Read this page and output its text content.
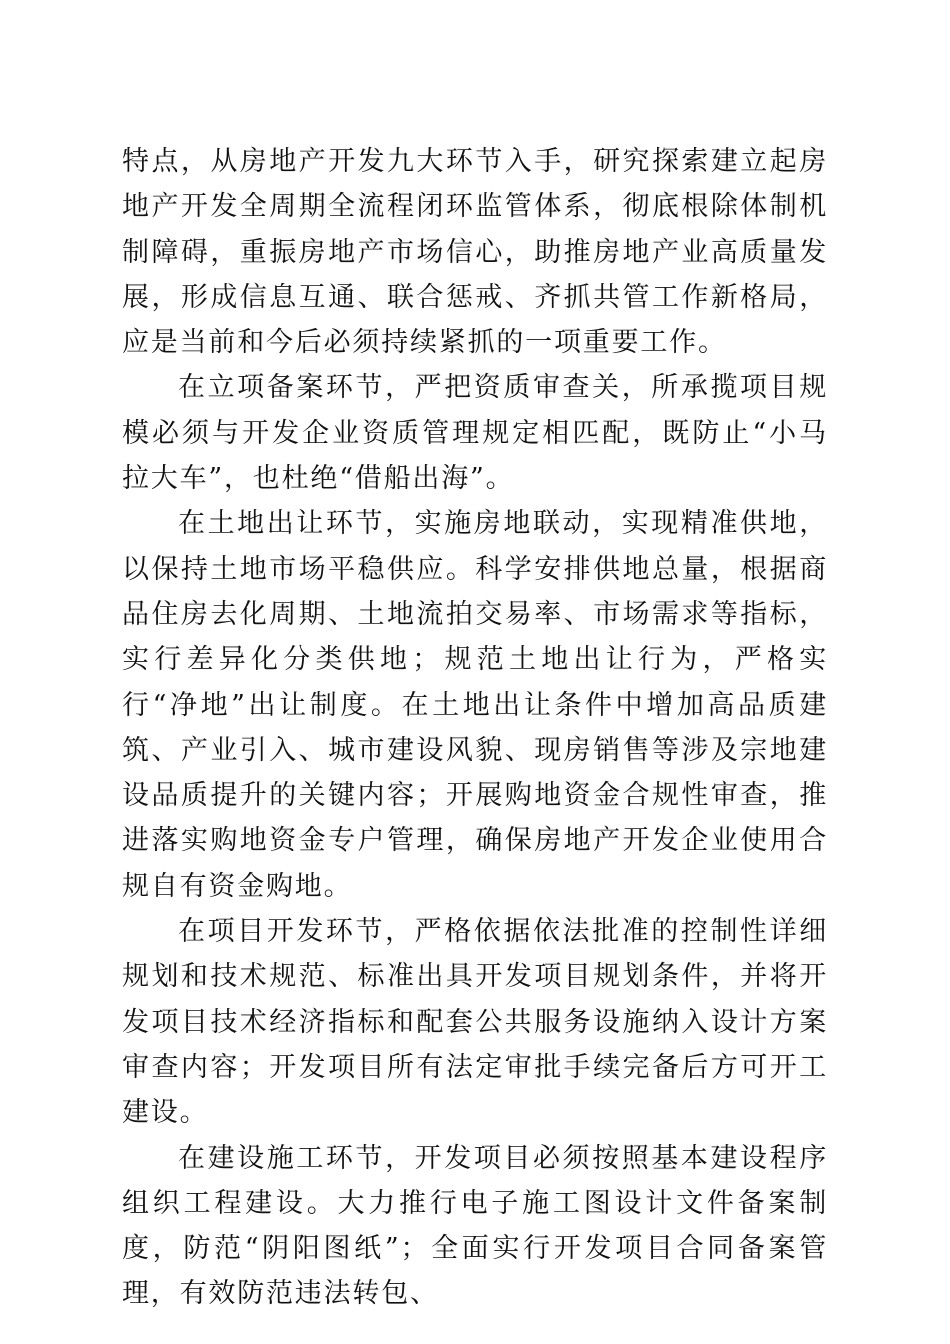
特点，从房地产开发九大环节入手，研究探索建立起房地产开发全周期全流程闭环监管体系，彻底根除体制机制障碍，重振房地产市场信心，助推房地产业高质量发展，形成信息互通、联合惩戒、齐抓共管工作新格局，应是当前和今后必须持续紧抓的一项重要工作。

在立项备案环节，严把资质审查关，所承揽项目规模必须与开发企业资质管理规定相匹配，既防止“小马拉大车”，也杜绝“借船出海”。

在土地出让环节，实施房地联动，实现精准供地，以保持土地市场平稳供应。科学安排供地总量，根据商品住房去化周期、土地流拍交易率、市场需求等指标，实行差异化分类供地；规范土地出让行为，严格实行“净地”出让制度。在土地出让条件中增加高品质建筑、产业引入、城市建设风貌、现房销售等涉及宗地建设品质提升的关键内容；开展购地资金合规性审查，推进落实购地资金专户管理，确保房地产开发企业使用合规自有资金购地。

在项目开发环节，严格依据依法批准的控制性详细规划和技术规范、标准出具开发项目规划条件，并将开发项目技术经济指标和配套公共服务设施纳入设计方案审查内容；开发项目所有法定审批手续完备后方可开工建设。

在建设施工环节，开发项目必须按照基本建设程序组织工程建设。大力推行电子施工图设计文件备案制度，防范“阴阳图纸”；全面实行开发项目合同备案管理，有效防范违法转包、
